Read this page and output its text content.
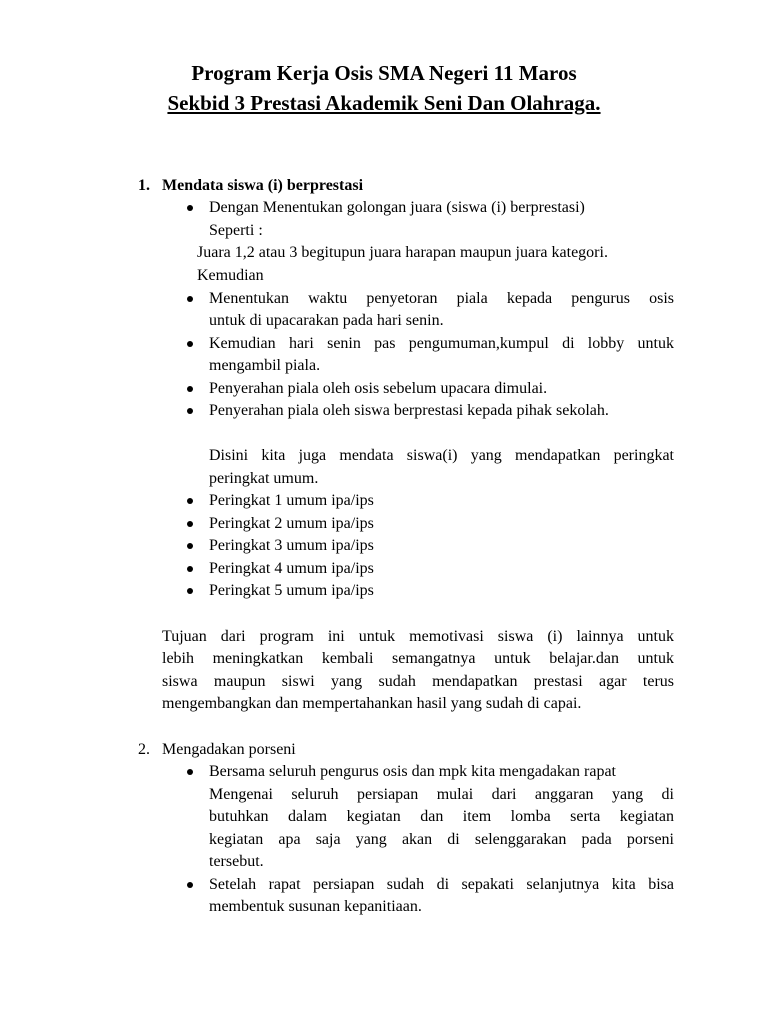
Program Kerja Osis SMA Negeri 11 Maros
Sekbid 3 Prestasi Akademik Seni Dan Olahraga.
1. Mendata siswa (i) berprestasi
Dengan Menentukan golongan juara (siswa (i) berprestasi)
Seperti :
Juara 1,2 atau 3 begitupun juara harapan maupun juara kategori.
Kemudian
Menentukan waktu penyetoran piala kepada pengurus osis
untuk di upacarakan pada hari senin.
Kemudian hari senin pas pengumuman,kumpul di lobby untuk
mengambil piala.
Penyerahan piala oleh osis sebelum upacara dimulai.
Penyerahan piala oleh siswa berprestasi kepada pihak sekolah.
Disini kita juga mendata siswa(i) yang mendapatkan peringkat
peringkat umum.
Peringkat 1 umum ipa/ips
Peringkat 2 umum ipa/ips
Peringkat 3 umum ipa/ips
Peringkat 4 umum ipa/ips
Peringkat 5 umum ipa/ips
Tujuan dari program ini untuk memotivasi siswa (i) lainnya untuk
lebih meningkatkan kembali semangatnya untuk belajar.dan untuk
siswa maupun siswi yang sudah mendapatkan prestasi agar terus
mengembangkan dan mempertahankan hasil yang sudah di capai.
2. Mengadakan porseni
Bersama seluruh pengurus osis dan mpk kita mengadakan rapat
Mengenai seluruh persiapan mulai dari anggaran yang di
butuhkan dalam kegiatan dan item lomba serta kegiatan
kegiatan apa saja yang akan di selenggarakan pada porseni
tersebut.
Setelah rapat persiapan sudah di sepakati selanjutnya kita bisa
membentuk susunan kepanitiaan.
